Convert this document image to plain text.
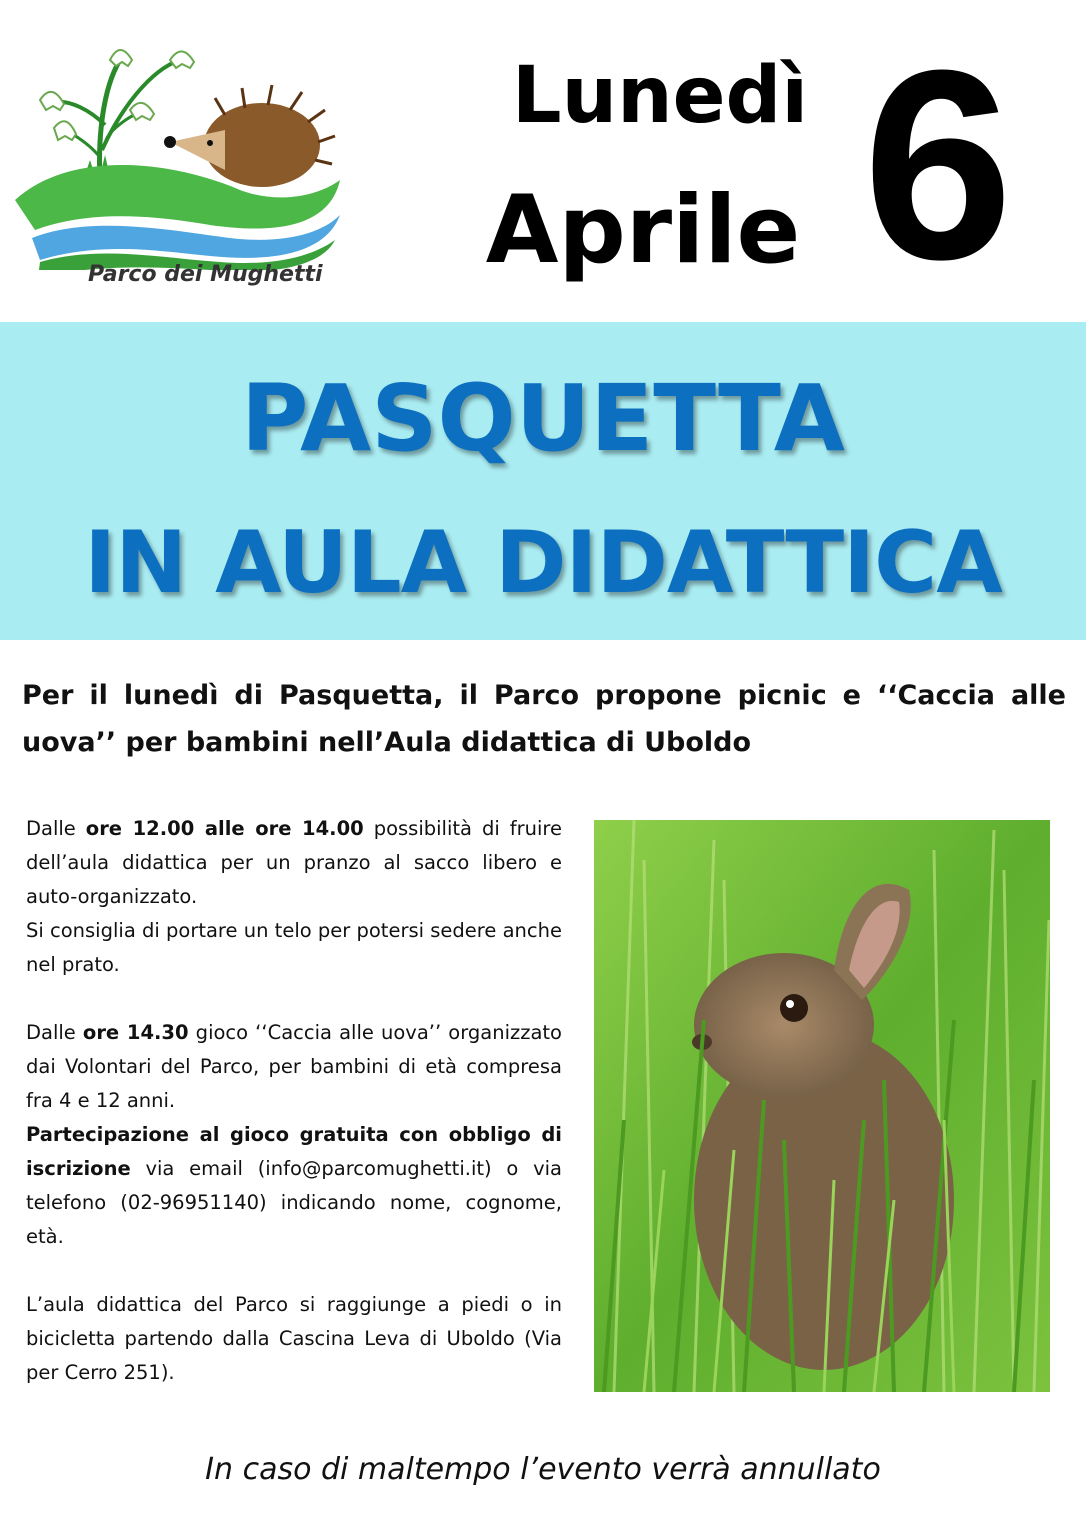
Parco dei Mughetti
Lunedì
Aprile 6
PASQUETTA
IN AULA DIDATTICA
Per il lunedì di Pasquetta, il Parco propone picnic e ‘‘Caccia alle uova’’ per bambini nell’Aula didattica di Uboldo

Dalle ore 12.00 alle ore 14.00 possibilità di fruire dell’aula didattica per un pranzo al sacco libero e auto-organizzato.

Si consiglia di portare un telo per potersi sedere anche nel prato.

Dalle ore 14.30 gioco ‘‘Caccia alle uova’’ organizzato dai Volontari del Parco, per bambini di età compresa fra 4 e 12 anni.

Partecipazione al gioco gratuita con obbligo di iscrizione via email (info@parcomughetti.it) o via telefono (02-96951140) indicando nome, cognome, età.

L’aula didattica del Parco si raggiunge a piedi o in bicicletta partendo dalla Cascina Leva di Uboldo (Via per Cerro 251).

In caso di maltempo l’evento verrà annullato
